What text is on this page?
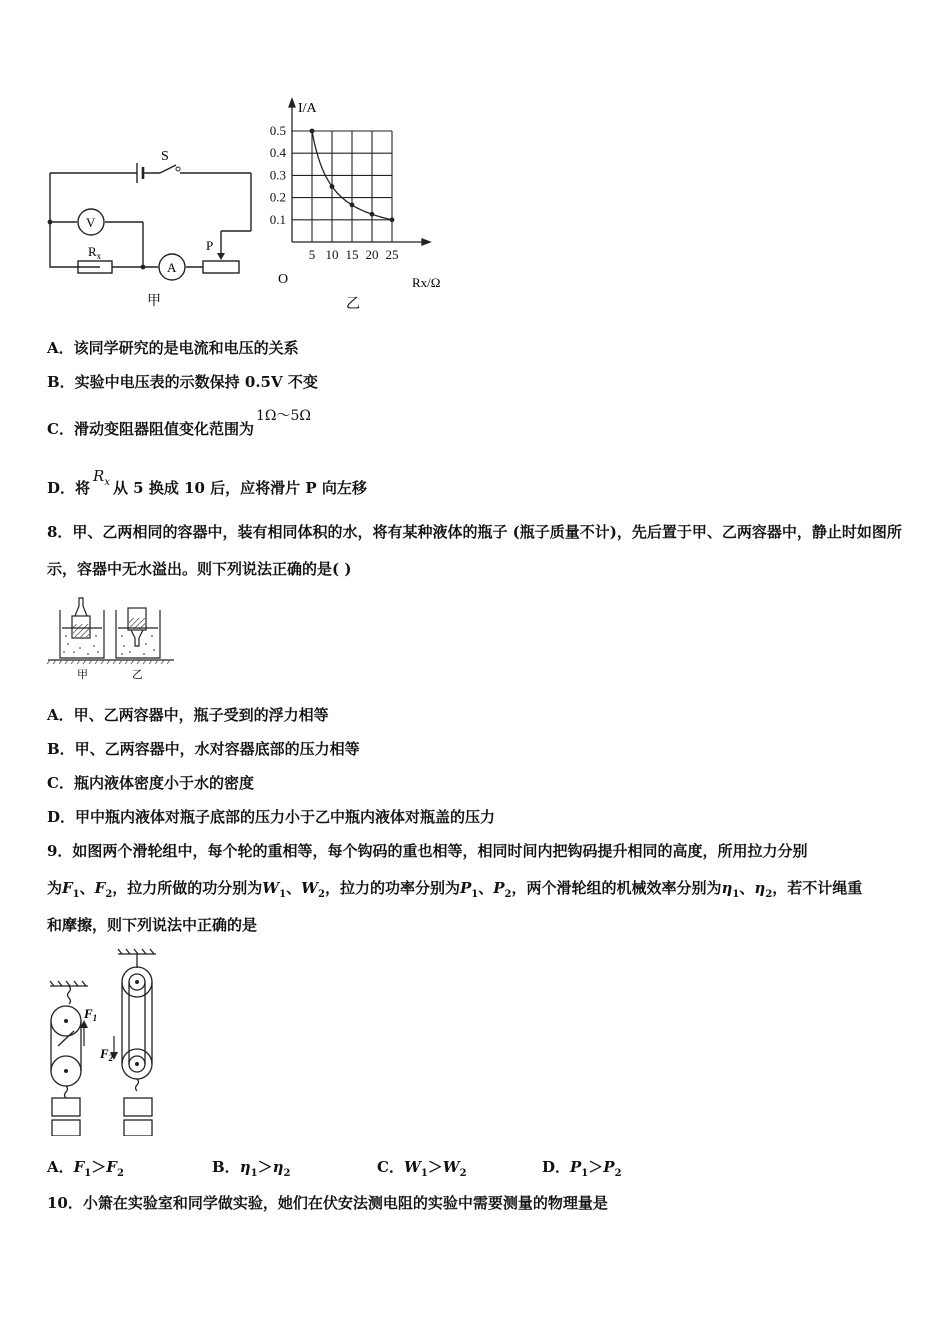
S
V
A
$R_x$
P
甲
5 10 15 20 25
0.5
0.4
0.3
0.2
0.1
I/A
Rx/Ω
O
乙
A．该同学研究的是电流和电压的关系
B．实验中电压表的示数保持 0.5V 不变
C．滑动变阻器阻值变化范围为1Ω～5Ω
D．将$R_x$ 从 5 换成 10 后，应将滑片 P 向左移
8．甲、乙两相同的容器中，装有相同体积的水，将有某种液体的瓶子 (瓶子质量不计)，先后置于甲、乙两容器中，静止时如图所示，容器中无水溢出。则下列说法正确的是( )
甲	乙
A．甲、乙两容器中，瓶子受到的浮力相等
B．甲、乙两容器中，水对容器底部的压力相等
C．瓶内液体密度小于水的密度
D．甲中瓶内液体对瓶子底部的压力小于乙中瓶内液体对瓶盖的压力
9．如图两个滑轮组中，每个轮的重相等，每个钩码的重也相等，相同时间内把钩码提升相同的高度，所用拉力分别
为$F_1$、$F_2$，拉力所做的功分别为$W_1$、$W_2$，拉力的功率分别为$P_1$、$P_2$，两个滑轮组的机械效率分别为$\eta_1$、$\eta_2$，若不计绳重
和摩擦，则下列说法中正确的是
$F_1$
$F_2$
A．$F_1>F_2$	B．$\eta_1>\eta_2$	C．$W_1>W_2$	D．$P_1>P_2$
10．小箫在实验室和同学做实验，她们在伏安法测电阻的实验中需要测量的物理量是
